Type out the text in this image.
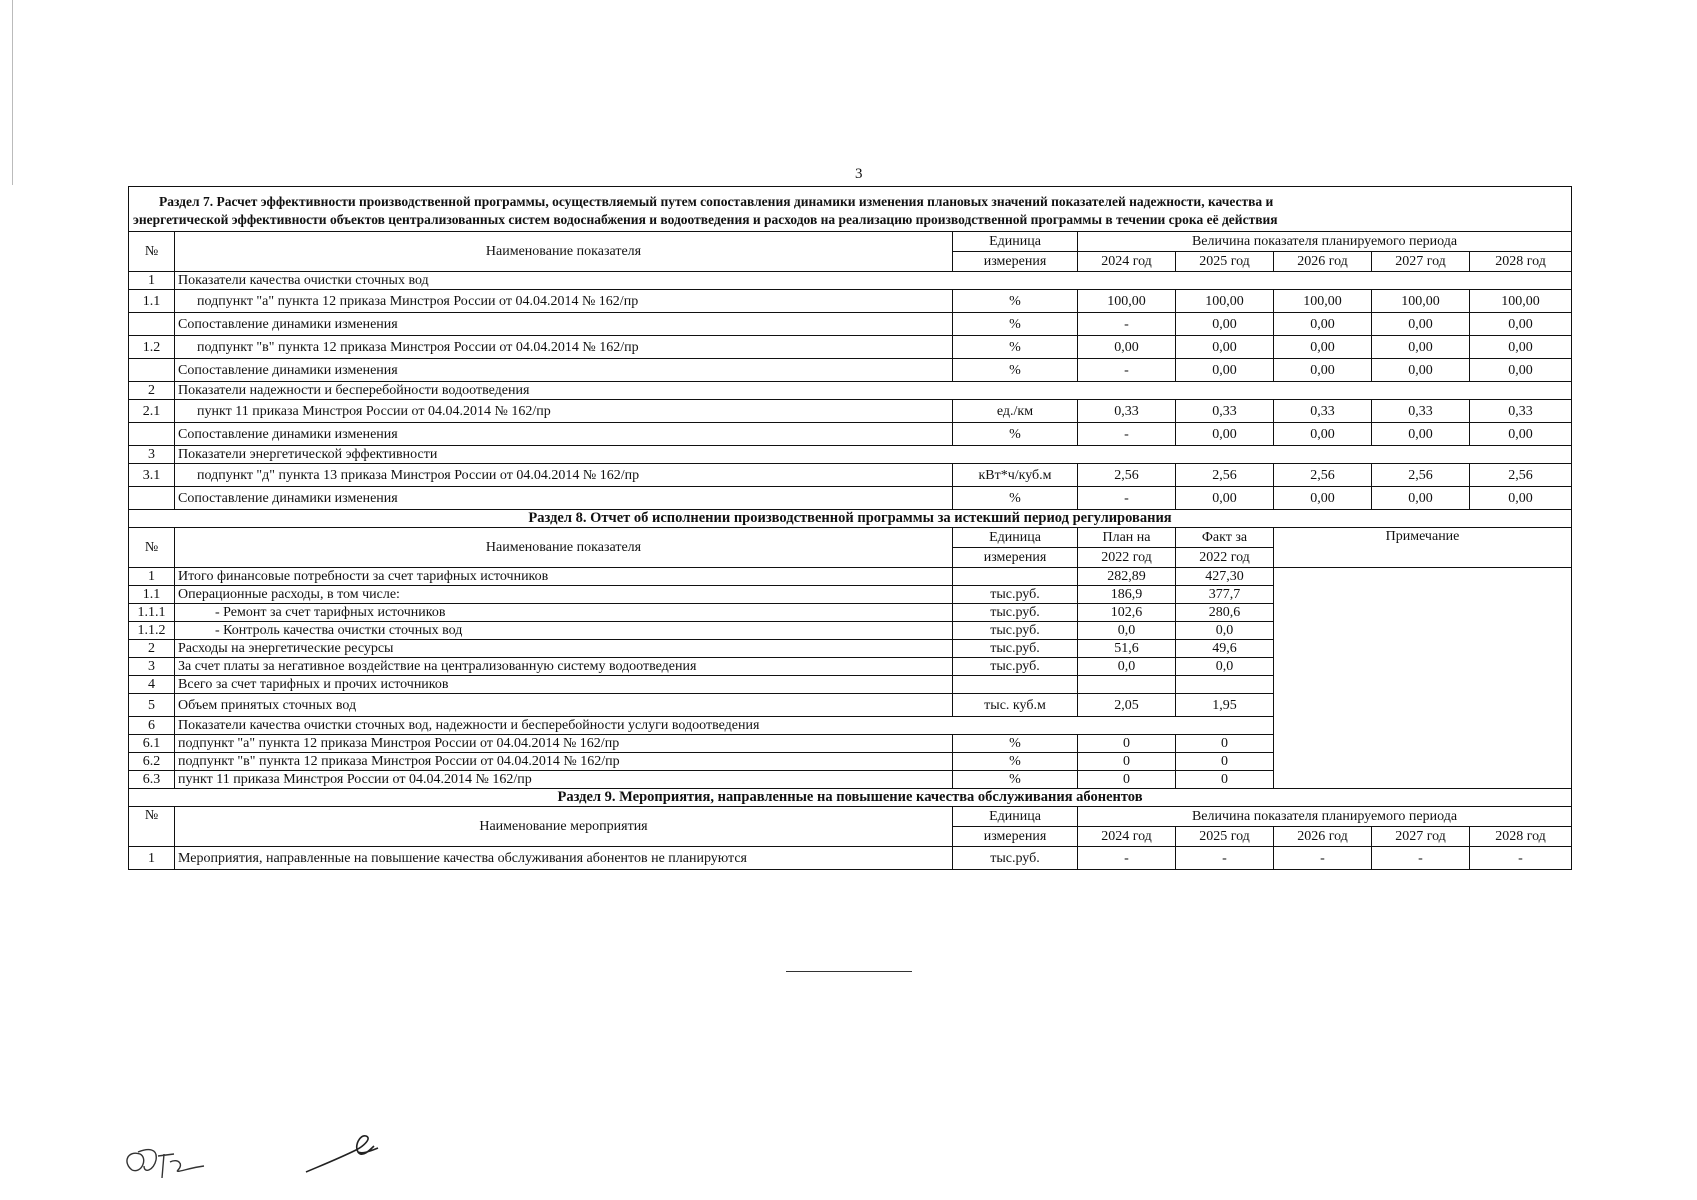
3
Раздел 7. Расчет эффективности производственной программы, осуществляемый путем сопоставления динамики изменения плановых значений показателей надежности, качества и
энергетической эффективности объектов централизованных систем водоснабжения и водоотведения и расходов на реализацию производственной программы в течении срока её действия							
№	Наименование показателя	Единица	Величина показателя планируемого периода				
		измерения	2024 год	2025 год	2026 год	2027 год	2028 год
1	Показатели качества очистки сточных вод						
1.1	подпункт "а" пункта 12 приказа Минстроя России от 04.04.2014 № 162/пр	%	100,00	100,00	100,00	100,00	100,00
	Сопоставление динамики изменения	%	-	0,00	0,00	0,00	0,00
1.2	подпункт "в" пункта 12 приказа Минстроя России от 04.04.2014 № 162/пр	%	0,00	0,00	0,00	0,00	0,00
	Сопоставление динамики изменения	%	-	0,00	0,00	0,00	0,00
2	Показатели надежности и бесперебойности водоотведения						
2.1	пункт 11 приказа Минстроя России от 04.04.2014 № 162/пр	ед./км	0,33	0,33	0,33	0,33	0,33
	Сопоставление динамики изменения	%	-	0,00	0,00	0,00	0,00
3	Показатели энергетической эффективности						
3.1	подпункт "д" пункта 13 приказа Минстроя России от 04.04.2014 № 162/пр	кВт*ч/куб.м	2,56	2,56	2,56	2,56	2,56
	Сопоставление динамики изменения	%	-	0,00	0,00	0,00	0,00
Раздел 8. Отчет об исполнении производственной программы за истекший период регулирования							
№	Наименование показателя	Единица	План на	Факт за	Примечание
		измерения	2022 год	2022 год	
1	Итого финансовые потребности за счет тарифных источников		282,89	427,30	
1.1	Операционные расходы, в том числе:	тыс.руб.	186,9	377,7	
1.1.1	- Ремонт за счет тарифных источников	тыс.руб.	102,6	280,6	
1.1.2	- Контроль качества очистки сточных вод	тыс.руб.	0,0	0,0	
2	Расходы на энергетические ресурсы	тыс.руб.	51,6	49,6	
3	За счет платы за негативное воздействие на централизованную систему водоотведения	тыс.руб.	0,0	0,0	
4	Всего за счет тарифных и прочих источников				
5	Объем принятых сточных вод	тыс. куб.м	2,05	1,95	
6	Показатели качества очистки сточных вод, надежности и бесперебойности услуги водоотведения				
6.1	подпункт "а" пункта 12 приказа Минстроя России от 04.04.2014 № 162/пр	%	0	0	
6.2	подпункт "в" пункта 12 приказа Минстроя России от 04.04.2014 № 162/пр	%	0	0	
6.3	пункт 11 приказа Минстроя России от 04.04.2014 № 162/пр	%	0	0	
Раздел 9. Мероприятия, направленные на повышение качества обслуживания абонентов					
№	Наименование мероприятия	Единица	Величина показателя планируемого периода				
		измерения	2024 год	2025 год	2026 год	2027 год	2028 год
1	Мероприятия, направленные на повышение качества обслуживания абонентов не планируются	тыс.руб.	-	-	-	-	-
